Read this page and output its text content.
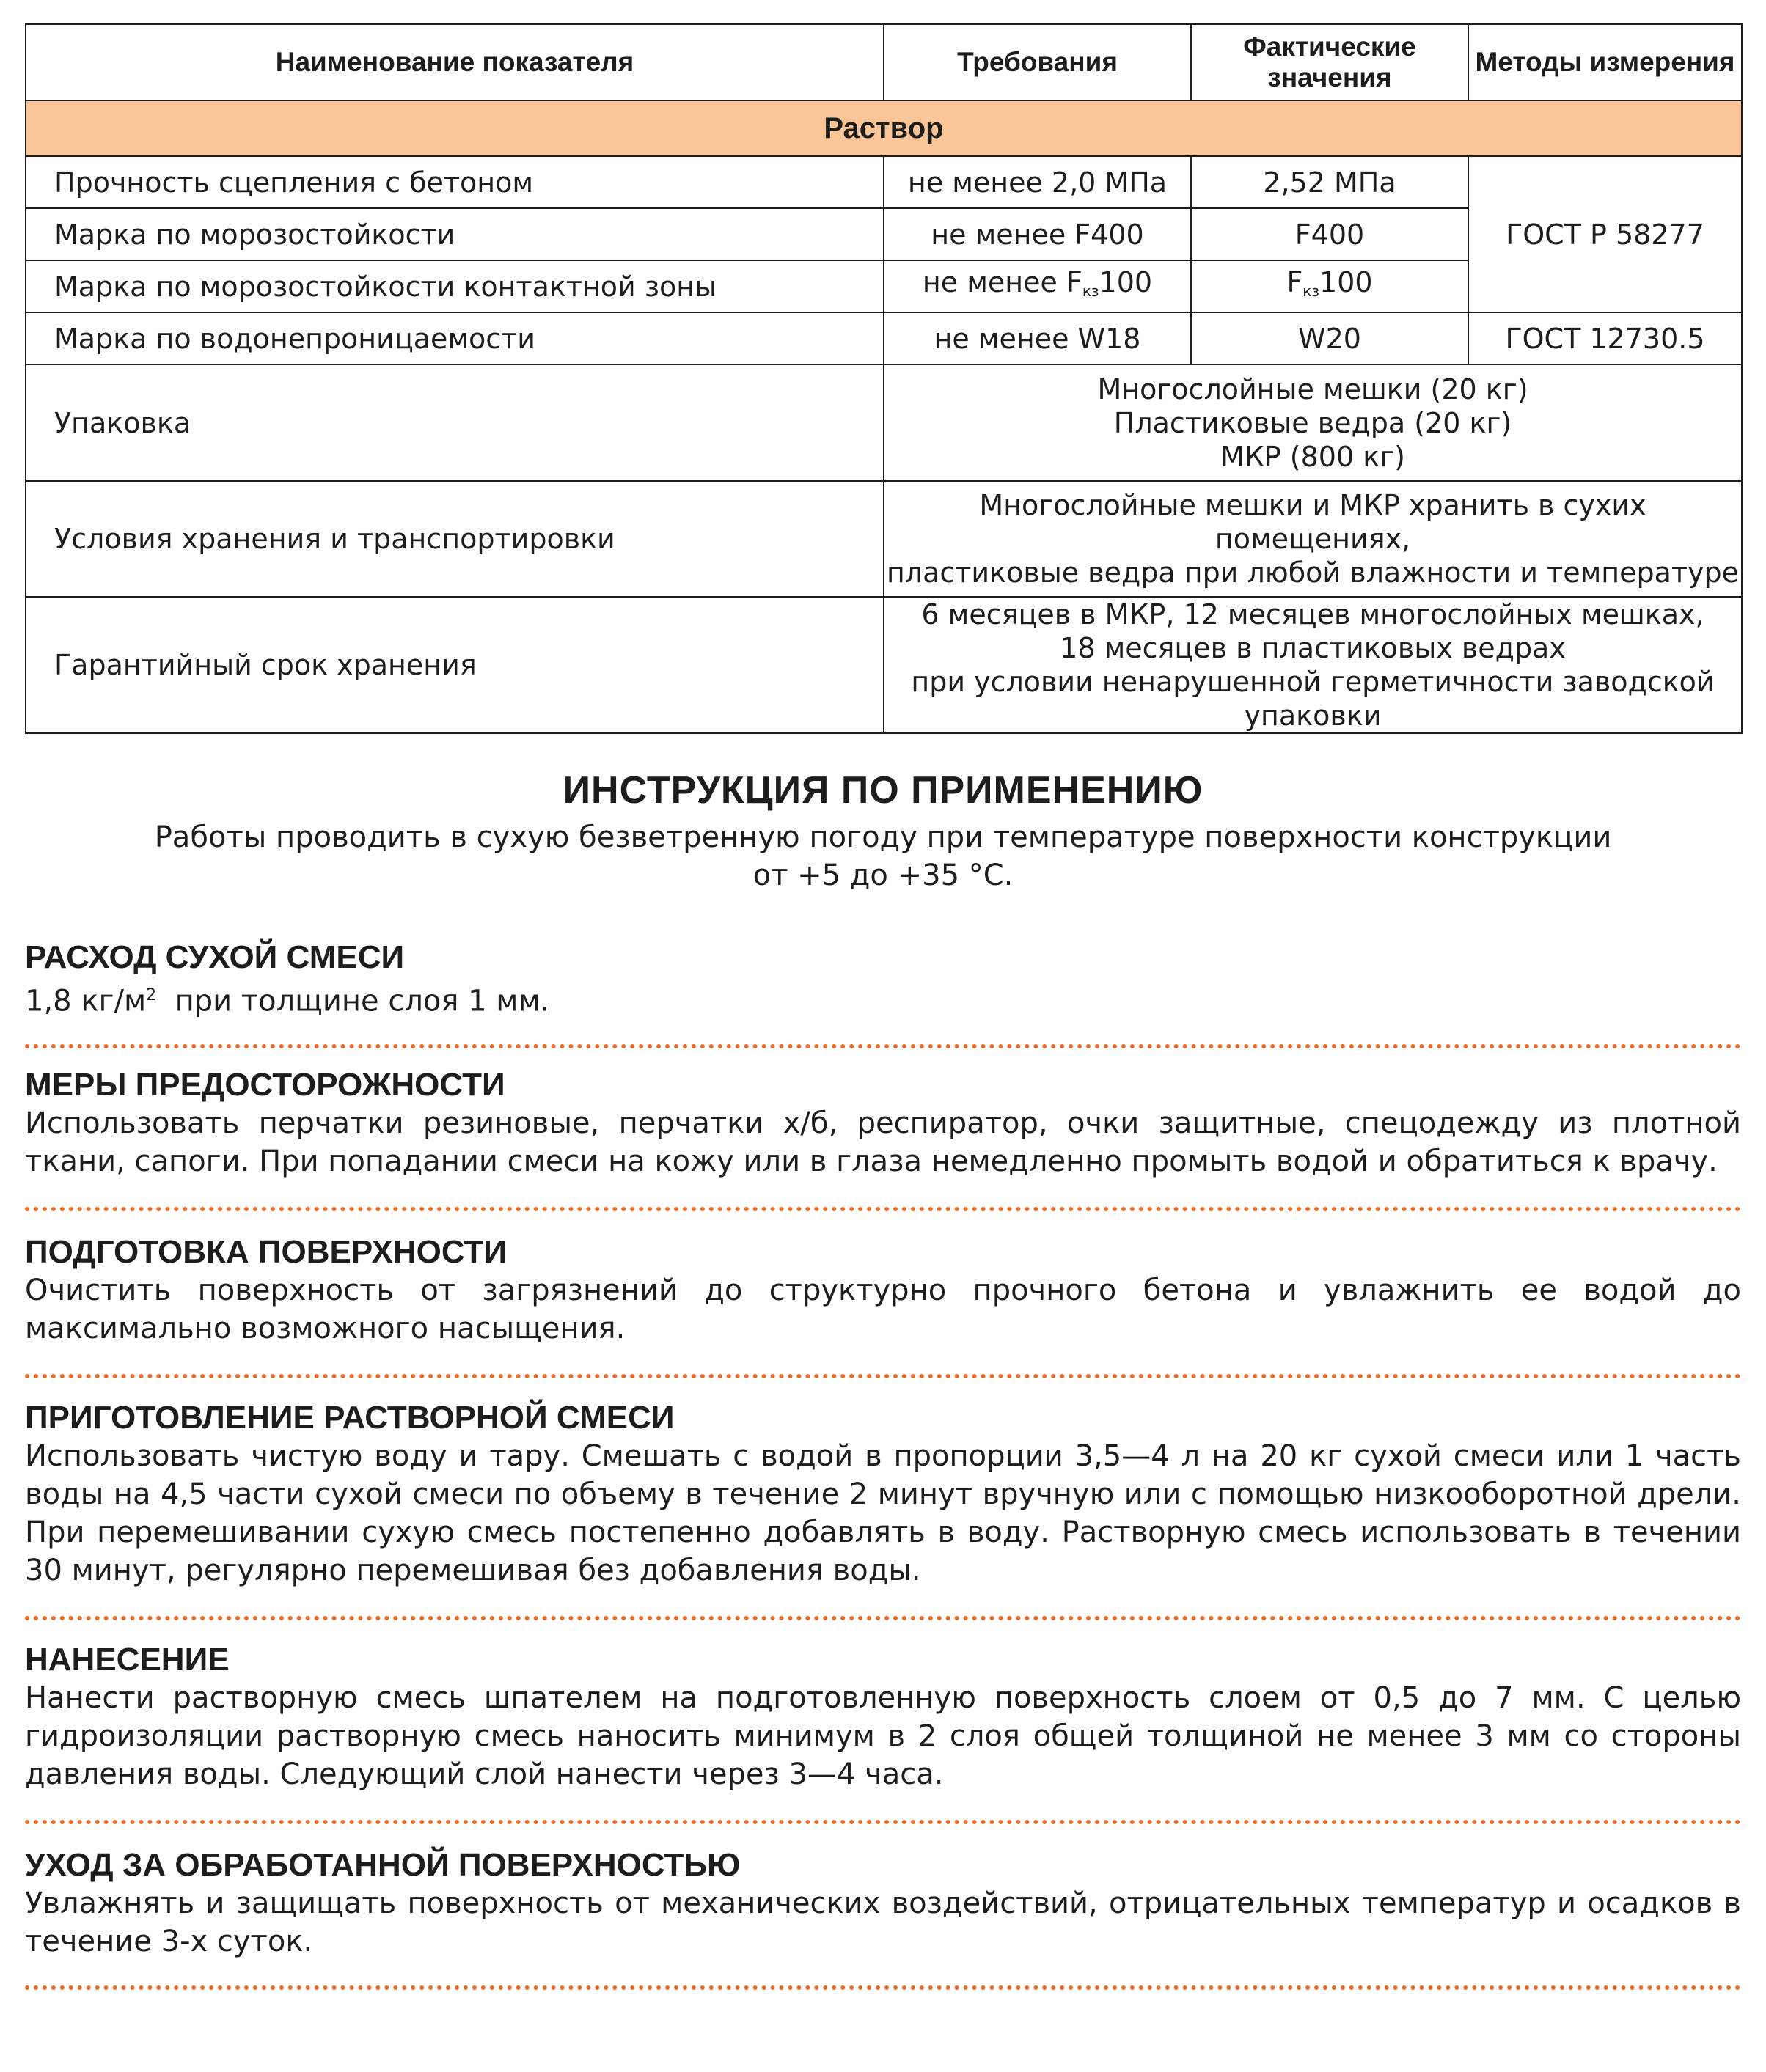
Наименование показателя	Требования	Фактические значения	Методы измерения
Раствор			
Прочность сцепления с бетоном	не менее 2,0 МПа	2,52 МПа	ГОСТ Р 58277
Марка по морозостойкости	не менее F400	F400	
Марка по морозостойкости контактной зоны	не менее $F_{кз}100$	$F_{кз}100$	
Марка по водонепроницаемости	не менее W18	W20	ГОСТ 12730.5
Упаковка	Многослойные мешки (20 кг)
Пластиковые ведра (20 кг)
МКР (800 кг)		

Условия хранения и транспортировки	Многослойные мешки и МКР хранить в сухих помещениях,
пластиковые ведра при любой влажности и температуре		

Гарантийный срок хранения	6 месяцев в МКР, 12 месяцев многослойных мешках,
18 месяцев в пластиковых ведрах
при условии ненарушенной герметичности заводской упаковки		
ИНСТРУКЦИЯ ПО ПРИМЕНЕНИЮ
Работы проводить в сухую безветренную погоду при температуре поверхности конструкции
от +5 до +35 °С.
РАСХОД СУХОЙ СМЕСИ

1,8 $кг/м^2$  при толщине слоя 1 мм.

МЕРЫ ПРЕДОСТОРОЖНОСТИ

Использовать перчатки резиновые, перчатки х/б, респиратор, очки защитные, спецодежду из плотной ткани, сапоги. При попадании смеси на кожу или в глаза немедленно промыть водой и обратиться к врачу.

ПОДГОТОВКА ПОВЕРХНОСТИ

Очистить поверхность от загрязнений до структурно прочного бетона и увлажнить ее водой до максимально возможного насыщения.

ПРИГОТОВЛЕНИЕ РАСТВОРНОЙ СМЕСИ

Использовать чистую воду и тару. Смешать с водой в пропорции 3,5—4 л на 20 кг сухой смеси или 1 часть воды на 4,5 части сухой смеси по объему в течение 2 минут вручную или с помощью низкооборотной дрели. При перемешивании сухую смесь постепенно добавлять в воду. Растворную смесь использовать в течении 30 минут, регулярно перемешивая без добавления воды.

НАНЕСЕНИЕ

Нанести растворную смесь шпателем на подготовленную поверхность слоем от 0,5 до 7 мм. С целью гидроизоляции растворную смесь наносить минимум в 2 слоя общей толщиной не менее 3 мм со стороны давления воды. Следующий слой нанести через 3—4 часа.

УХОД ЗА ОБРАБОТАННОЙ ПОВЕРХНОСТЬЮ

Увлажнять и защищать поверхность от механических воздействий, отрицательных температур и осадков в течение 3-х суток.
